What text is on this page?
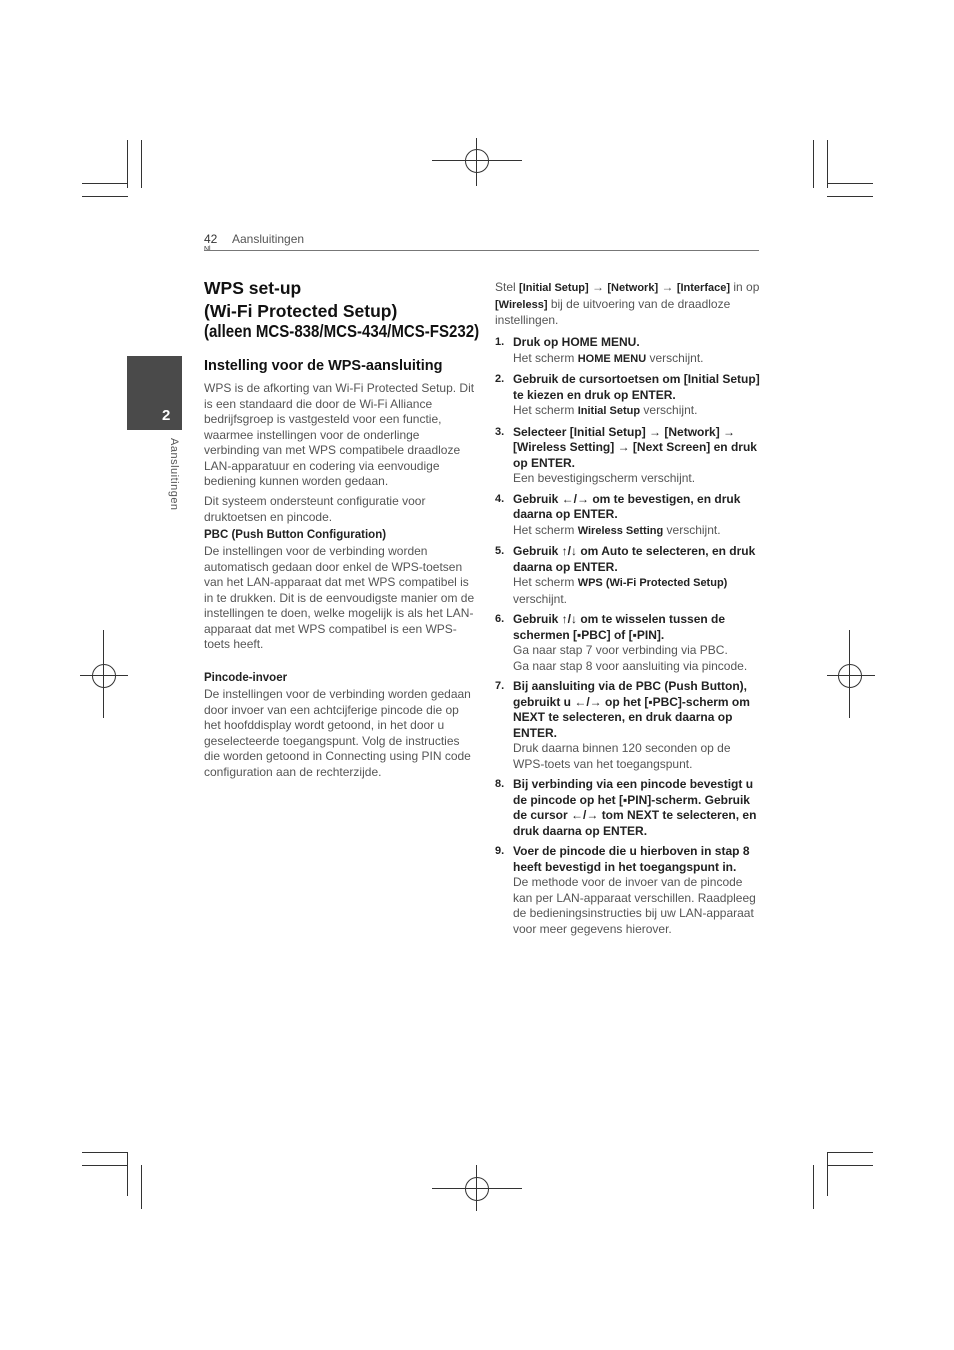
42 Aansluitingen
2
Aansluitingen
WPS set-up
(Wi-Fi Protected Setup)
(alleen MCS-838/MCS-434/MCS-FS232)
Instelling voor de WPS-aansluiting
WPS is de afkorting van Wi-Fi Protected Setup. Dit is een standaard die door de Wi-Fi Alliance bedrijfsgroep is vastgesteld voor een functie, waarmee instellingen voor de onderlinge verbinding van met WPS compatibele draadloze LAN-apparatuur en codering via eenvoudige bediening kunnen worden gedaan.
Dit systeem ondersteunt configuratie voor druktoetsen en pincode.
PBC (Push Button Configuration)
De instellingen voor de verbinding worden automatisch gedaan door enkel de WPS-toetsen van het LAN-apparaat dat met WPS compatibel is in te drukken. Dit is de eenvoudigste manier om de instellingen te doen, welke mogelijk is als het LAN-apparaat dat met WPS compatibel is een WPS-toets heeft.
Pincode-invoer
De instellingen voor de verbinding worden gedaan door invoer van een achtcijferige pincode die op het hoofddisplay wordt getoond, in het door u geselecteerde toegangspunt. Volg de instructies die worden getoond in Connecting using PIN code configuration aan de rechterzijde.
Stel [Initial Setup] → [Network] → [Interface] in op [Wireless] bij de uitvoering van de draadloze instellingen.
1. Druk op HOME MENU.
Het scherm HOME MENU verschijnt.
2. Gebruik de cursortoetsen om [Initial Setup] te kiezen en druk op ENTER.
Het scherm Initial Setup verschijnt.
3. Selecteer [Initial Setup] → [Network] → [Wireless Setting] → [Next Screen] en druk op ENTER.
Een bevestigingscherm verschijnt.
4. Gebruik ←/→ om te bevestigen, en druk daarna op ENTER.
Het scherm Wireless Setting verschijnt.
5. Gebruik ↑/↓ om Auto te selecteren, en druk daarna op ENTER.
Het scherm WPS (Wi-Fi Protected Setup) verschijnt.
6. Gebruik ↑/↓ om te wisselen tussen de schermen [▪PBC] of [▪PIN].
Ga naar stap 7 voor verbinding via PBC.
Ga naar stap 8 voor aansluiting via pincode.
7. Bij aansluiting via de PBC (Push Button), gebruikt u ←/→ op het [▪PBC]-scherm om NEXT te selecteren, en druk daarna op ENTER.
Druk daarna binnen 120 seconden op de WPS-toets van het toegangspunt.
8. Bij verbinding via een pincode bevestigt u de pincode op het [▪PIN]-scherm. Gebruik de cursor ←/→ tom NEXT te selecteren, en druk daarna op ENTER.
9. Voer de pincode die u hierboven in stap 8 heeft bevestigd in het toegangspunt in.
De methode voor de invoer van de pincode kan per LAN-apparaat verschillen. Raadpleeg de bedieningsinstructies bij uw LAN-apparaat voor meer gegevens hierover.
